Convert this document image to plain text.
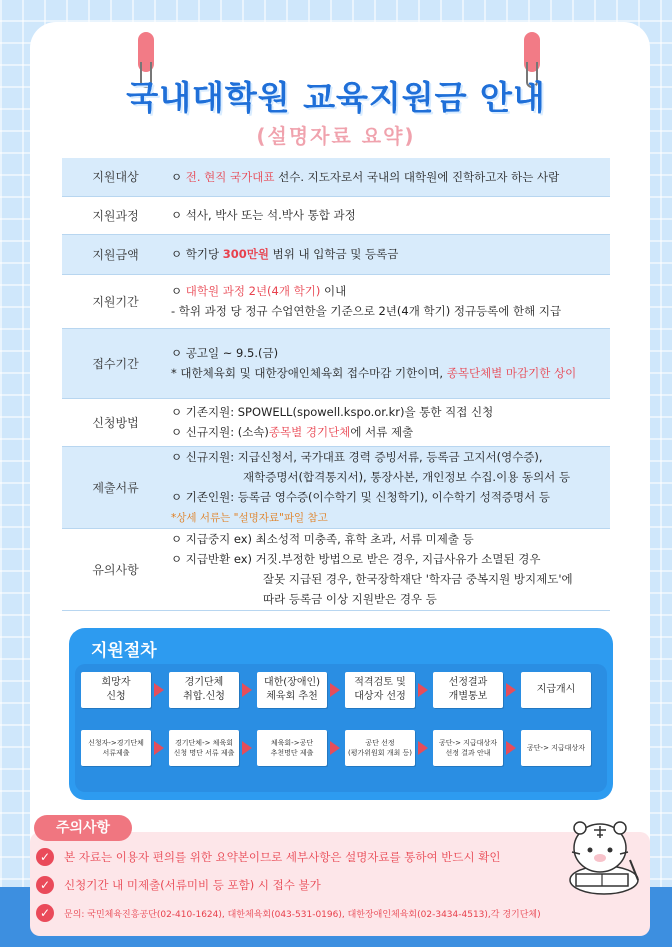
국내대학원 교육지원금 안내
(설명자료 요약)
지원대상	ㅇ 전. 현직 국가대표 선수. 지도자로서 국내의 대학원에 진학하고자 하는 사람

지원과정	ㅇ 석사, 박사 또는 석.박사 통합 과정

지원금액	ㅇ 학기당 300만원 범위 내 입학금 및 등록금

지원기간	ㅇ 대학원 과정 2년(4개 학기) 이내
- 학위 과정 당 정규 수업연한을 기준으로 2년(4개 학기) 정규등록에 한해 지급

접수기간	ㅇ 공고일 ~ 9.5.(금)
* 대한체육회 및 대한장애인체육회 접수마감 기한이며, 종목단체별 마감기한 상이

신청방법	ㅇ 기존지원: SPOWELL(spowell.kspo.or.kr)을 통한 직접 신청
ㅇ 신규지원: (소속)종목별 경기단체에 서류 제출

제출서류	ㅇ 신규지원: 지급신청서, 국가대표 경력 증빙서류, 등록금 고지서(영수증),
재학증명서(합격통지서), 통장사본, 개인정보 수집.이용 동의서 등
ㅇ 기존인원: 등록금 영수증(이수학기 및 신청학기), 이수학기 성적증명서 등
*상세 서류는 "설명자료"파일 참고

유의사항	ㅇ 지급중지 ex) 최소성적 미충족, 휴학 초과, 서류 미제출 등
ㅇ 지급반환 ex) 거짓.부정한 방법으로 받은 경우, 지급사유가 소멸된 경우
잘못 지급된 경우, 한국장학재단 '학자금 중복지원 방지제도'에
따라 등록금 이상 지원받은 경우 등
지원절차
희망자
신청
경기단체
취합.신청
대한(장애인)
체육회 추천
적격검토 및
대상자 선정
선정결과
개별통보
지급개시
신청자->경기단체
서류제출
경기단체-> 체육회
신청 명단 서류 제출
체육회->공단
추천명단 제출
공단 선정
(평가위원회 개최 등)
공단-> 지급대상자
선정 결과 안내
공단-> 지급대상자
✓	본 자료는 이용자 편의를 위한 요약본이므로 세부사항은 설명자료를 통하여 반드시 확인
✓	신청기간 내 미제출(서류미비 등 포함) 시 접수 불가
✓	문의: 국민체육진흥공단(02-410-1624), 대한체육회(043-531-0196), 대한장애인체육회(02-3434-4513),각 경기단체)
주의사항
